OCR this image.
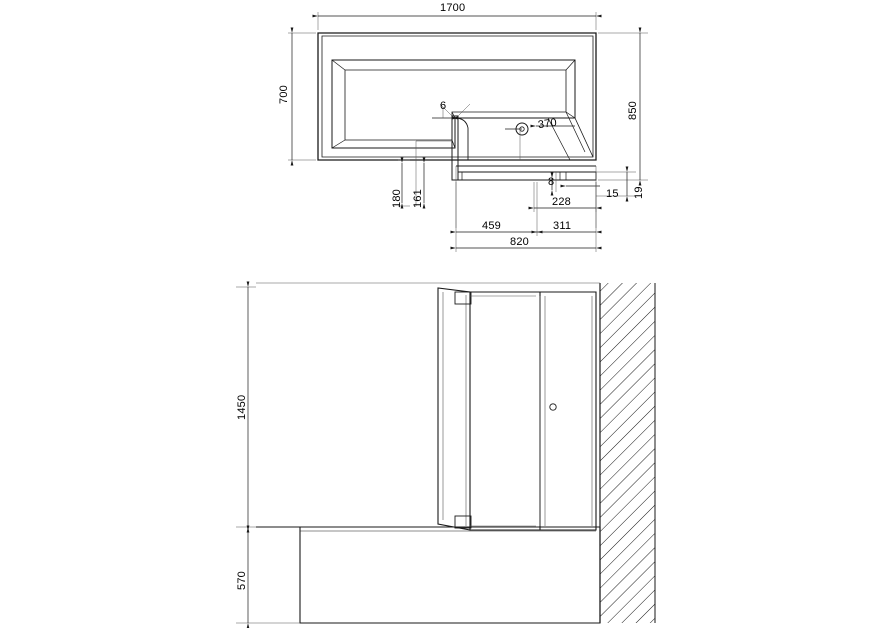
1700
700
850
6
370
180 161
8
15 19
228
459	311
820
1450
570
